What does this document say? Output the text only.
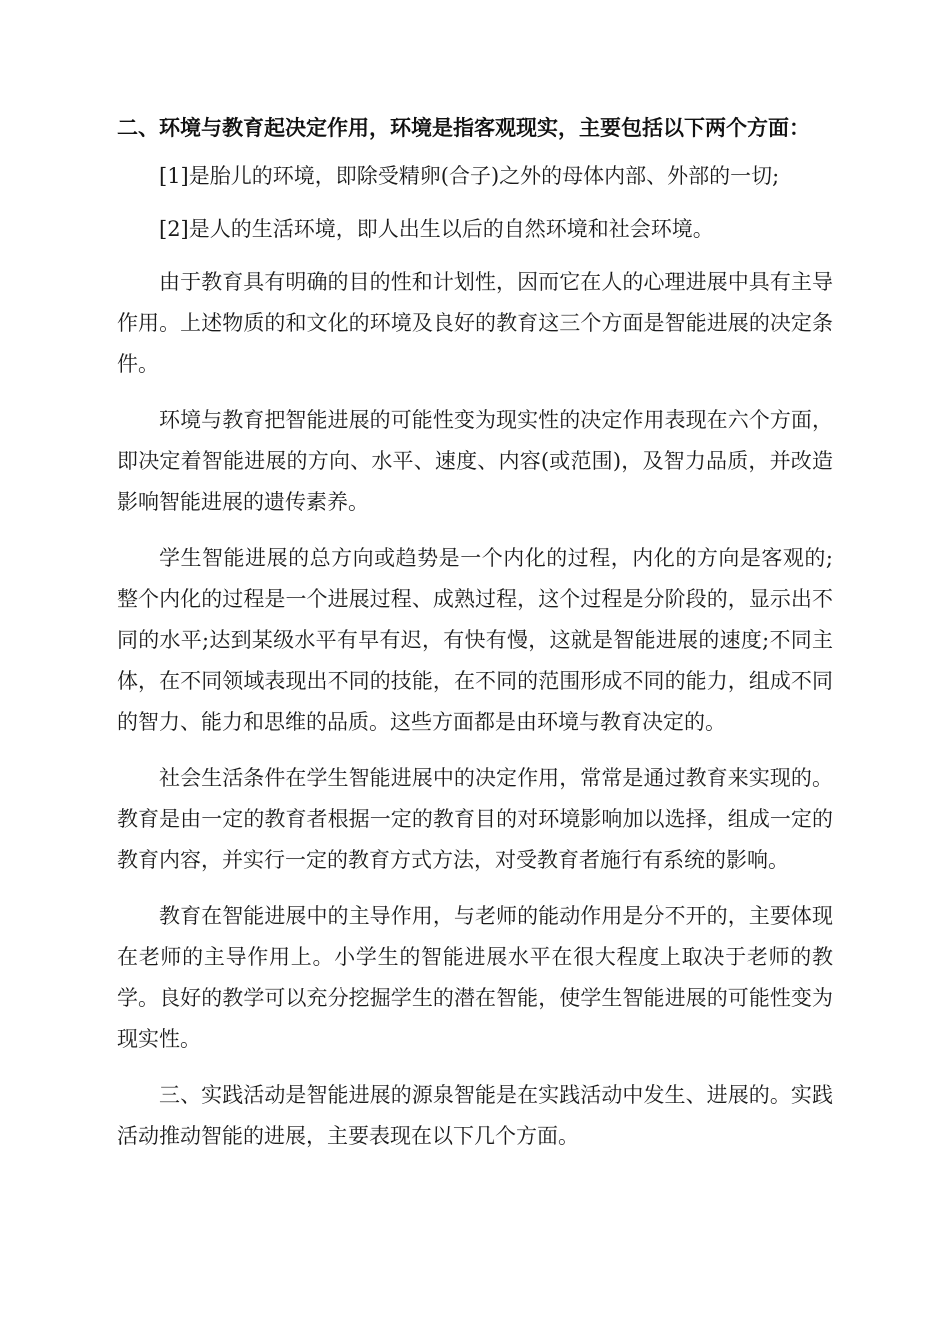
二、环境与教育起决定作用，环境是指客观现实，主要包括以下两个方面：

[1]是胎儿的环境，即除受精卵(合子)之外的母体内部、外部的一切;

[2]是人的生活环境，即人出生以后的自然环境和社会环境。

由于教育具有明确的目的性和计划性，因而它在人的心理进展中具有主导作用。上述物质的和文化的环境及良好的教育这三个方面是智能进展的决定条件。

环境与教育把智能进展的可能性变为现实性的决定作用表现在六个方面，即决定着智能进展的方向、水平、速度、内容(或范围)，及智力品质，并改造影响智能进展的遗传素养。

学生智能进展的总方向或趋势是一个内化的过程，内化的方向是客观的;整个内化的过程是一个进展过程、成熟过程，这个过程是分阶段的，显示出不同的水平;达到某级水平有早有迟，有快有慢，这就是智能进展的速度;不同主体，在不同领域表现出不同的技能，在不同的范围形成不同的能力，组成不同的智力、能力和思维的品质。这些方面都是由环境与教育决定的。

社会生活条件在学生智能进展中的决定作用，常常是通过教育来实现的。教育是由一定的教育者根据一定的教育目的对环境影响加以选择，组成一定的教育内容，并实行一定的教育方式方法，对受教育者施行有系统的影响。

教育在智能进展中的主导作用，与老师的能动作用是分不开的，主要体现在老师的主导作用上。小学生的智能进展水平在很大程度上取决于老师的教学。良好的教学可以充分挖掘学生的潜在智能，使学生智能进展的可能性变为现实性。

三、实践活动是智能进展的源泉智能是在实践活动中发生、进展的。实践活动推动智能的进展，主要表现在以下几个方面。
